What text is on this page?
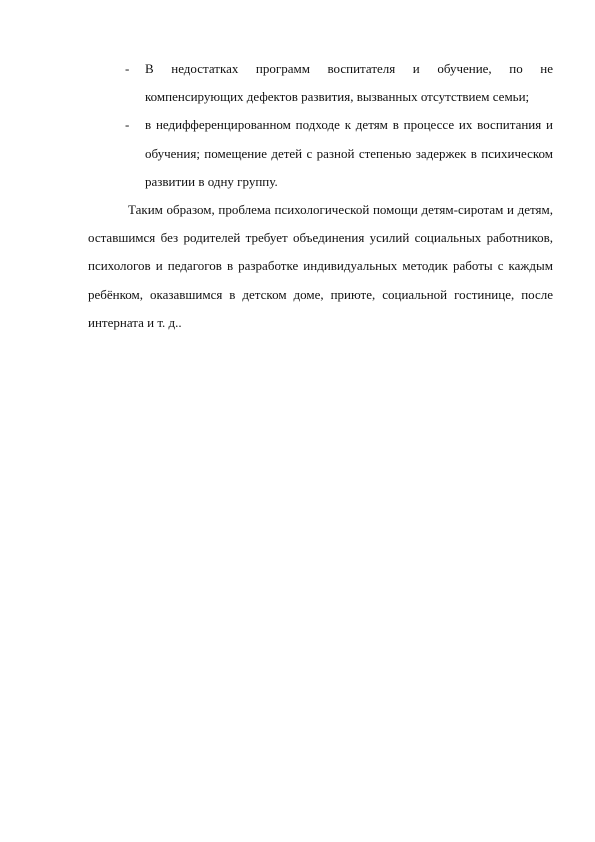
- В недостатках программ воспитателя и обучение, по не компенсирующих дефектов развития, вызванных отсутствием семьи;
- в недифференцированном подходе к детям в процессе их воспитания и обучения; помещение детей с разной степенью задержек в психическом развитии в одну группу.
Таким образом, проблема психологической помощи детям-сиротам и детям, оставшимся без родителей требует объединения усилий социальных работников, психологов и педагогов в разработке индивидуальных методик работы с каждым ребёнком, оказавшимся в детском доме, приюте, социальной гостинице, после интерната и т. д..
